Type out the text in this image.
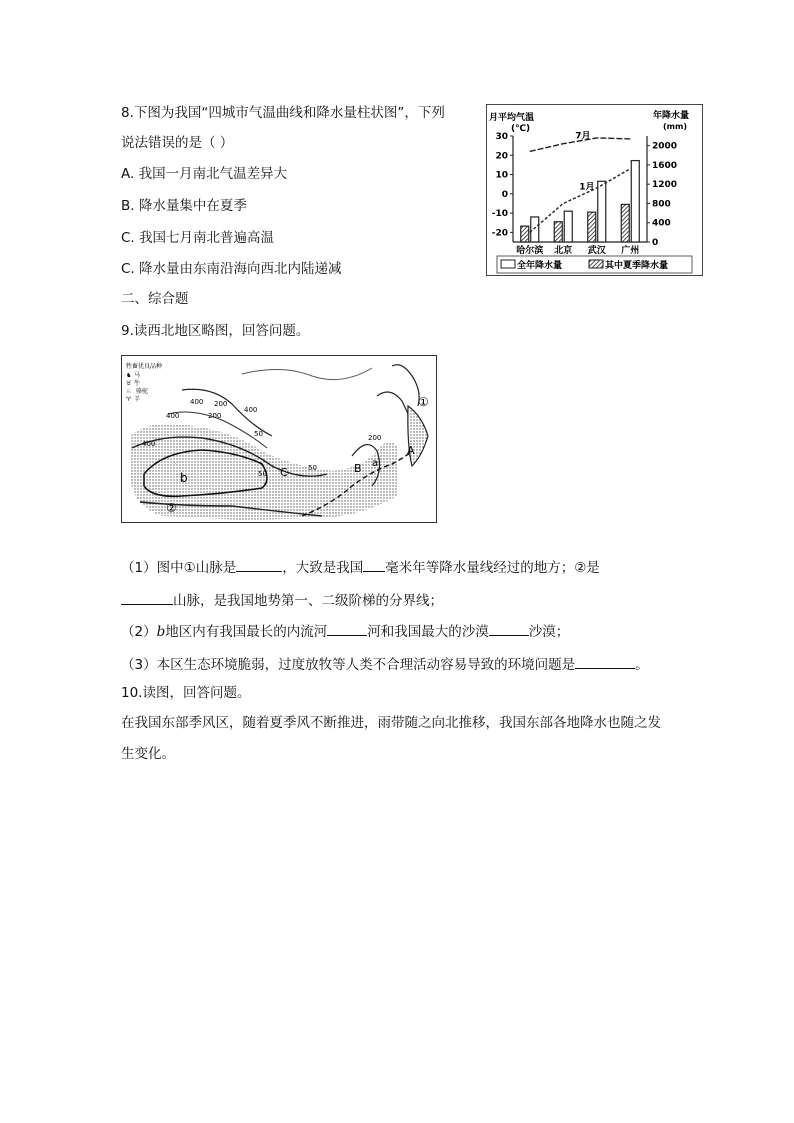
8.下图为我国“四城市气温曲线和降水量柱状图”，下列
说法错误的是（ ）
A. 我国一月南北气温差异大
B. 降水量集中在夏季
C. 我国七月南北普遍高温
C. 降水量由东南沿海向西北内陆递减
二、综合题
9.读西北地区略图，回答问题。
月平均气温
(℃)
年降水量
(mm)
30
20
10
0
-10
-20
2000
1600
1200
800
400
0
哈尔滨 北京 武汉 广州
7月
1月
全年降水量	其中夏季降水量
牲畜优良品种
♞ 马
♉ 牛
♘ 骆驼
♈ 羊	400 200
400	200
400
50
400
50
50
200
b	C	B a
A
①
②
（1）图中①山脉是	，大致是我国 毫米年等降水量线经过的地方；②是
山脉，是我国地势第一、二级阶梯的分界线；
（2）b地区内有我国最长的内流河	河和我国最大的沙漠	沙漠；
（3）本区生态环境脆弱，过度放牧等人类不合理活动容易导致的环境问题是	。
10.读图，回答问题。
在我国东部季风区，随着夏季风不断推进，雨带随之向北推移，我国东部各地降水也随之发
生变化。
